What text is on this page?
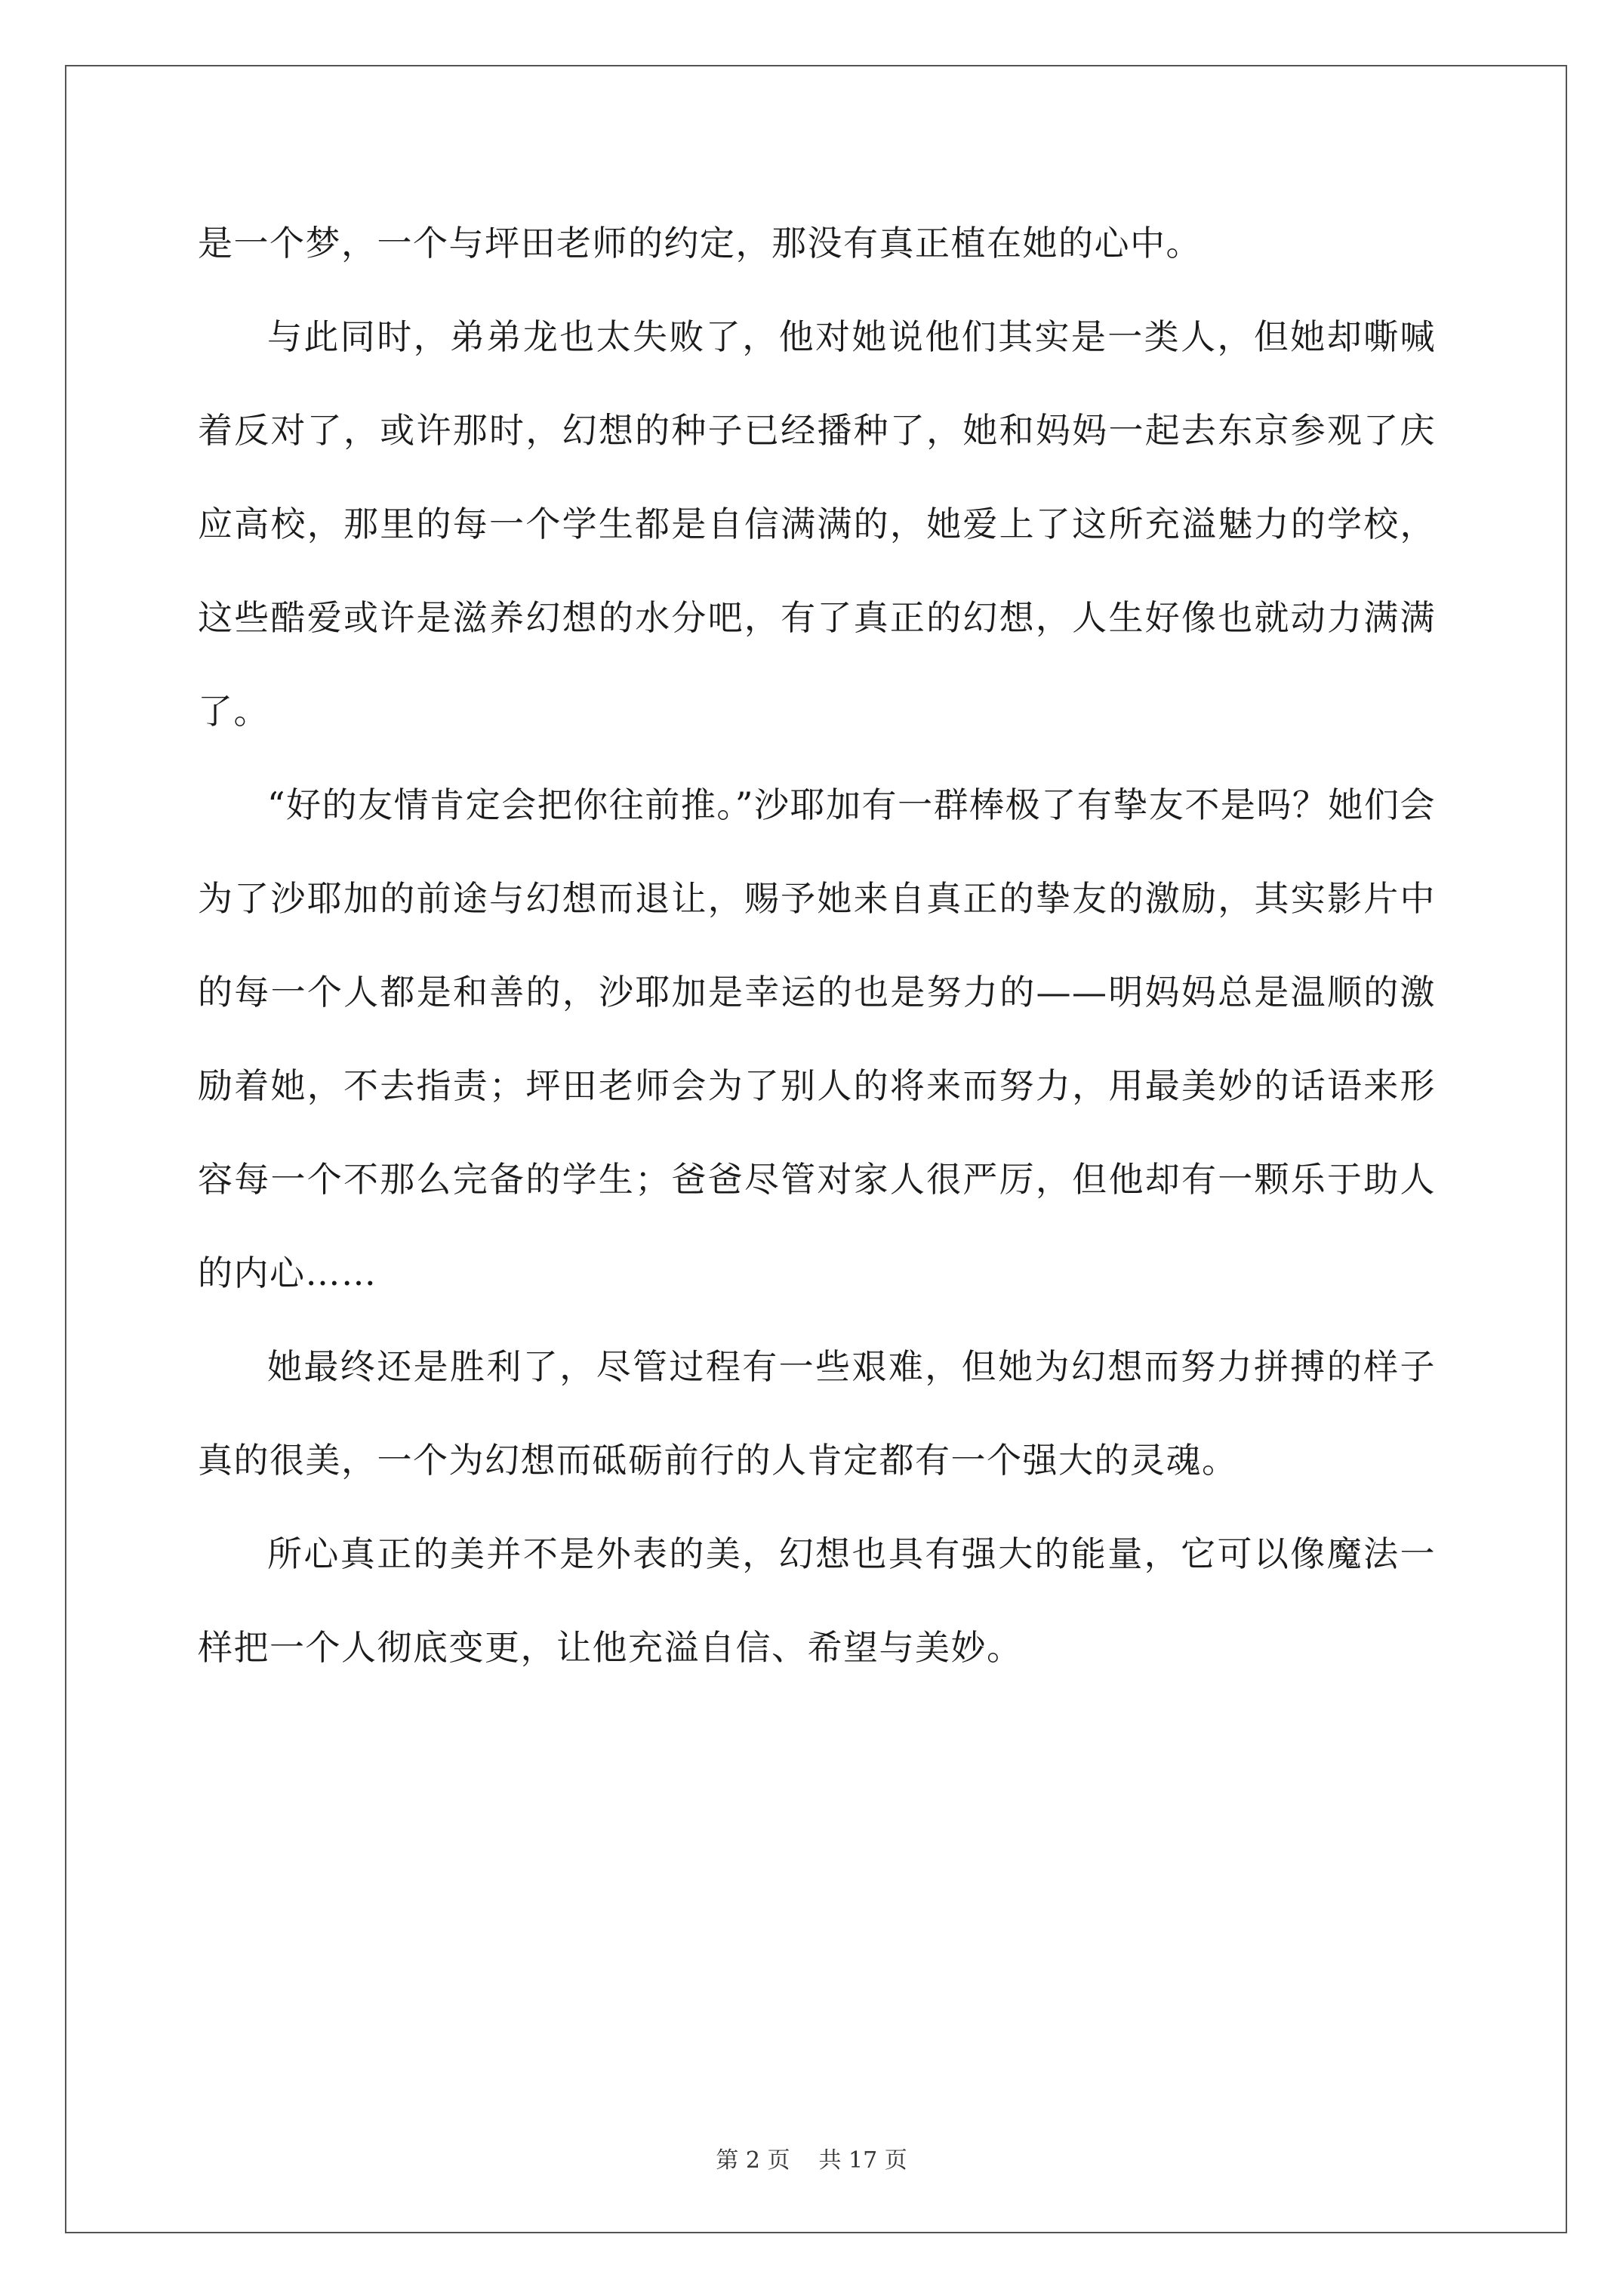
是一个梦，一个与坪田老师的约定，那没有真正植在她的心中。

与此同时，弟弟龙也太失败了，他对她说他们其实是一类人，但她却嘶喊着反对了，或许那时，幻想的种子已经播种了，她和妈妈一起去东京参观了庆应高校，那里的每一个学生都是自信满满的，她爱上了这所充溢魅力的学校，这些酷爱或许是滋养幻想的水分吧，有了真正的幻想，人生好像也就动力满满了。

“好的友情肯定会把你往前推。”沙耶加有一群棒极了有挚友不是吗？她们会为了沙耶加的前途与幻想而退让，赐予她来自真正的挚友的激励，其实影片中的每一个人都是和善的，沙耶加是幸运的也是努力的——明妈妈总是温顺的激励着她，不去指责；坪田老师会为了别人的将来而努力，用最美妙的话语来形容每一个不那么完备的学生；爸爸尽管对家人很严厉，但他却有一颗乐于助人的内心……

她最终还是胜利了，尽管过程有一些艰难，但她为幻想而努力拼搏的样子真的很美，一个为幻想而砥砺前行的人肯定都有一个强大的灵魂。

所心真正的美并不是外表的美，幻想也具有强大的能量，它可以像魔法一样把一个人彻底变更，让他充溢自信、希望与美妙。

第 2 页 共 17 页
